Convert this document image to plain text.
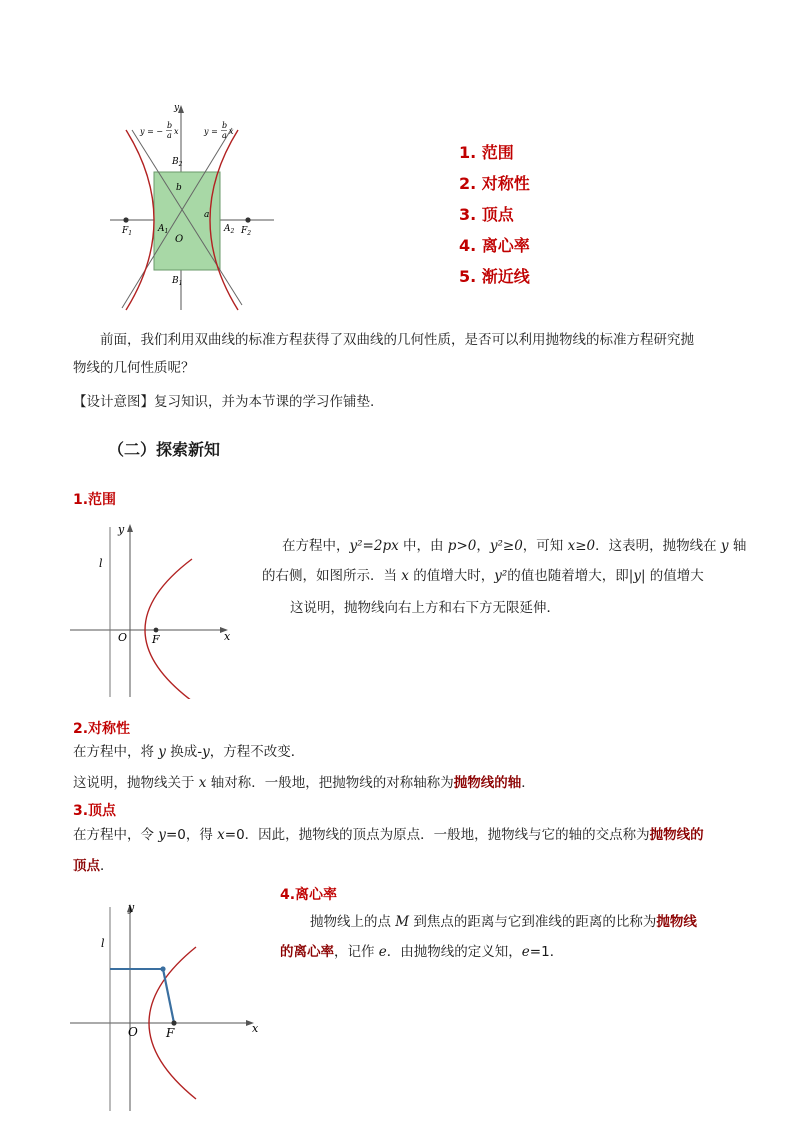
y
y = −
b
a x	y =
b
a x
$B_2$
b
a
$F_1$	$A_1$
O
$A_2$ $F_2$
$B_1$
1. 范围
2. 对称性
3. 顶点
4. 离心率
5. 渐近线
前面，我们利用双曲线的标准方程获得了双曲线的几何性质，是否可以利用抛物线的标准方程研究抛
物线的几何性质呢？
【设计意图】复习知识，并为本节课的学习作铺垫.
（二）探索新知
1.范围
y
l
O F	x
在方程中，y²=2px 中，由 p>0，y²≥0，可知 x≥0．这表明，抛物线在 y 轴
的右侧，如图所示．当 x 的值增大时，y²的值也随着增大，即|y| 的值增大
这说明，抛物线向右上方和右下方无限延伸．
2.对称性
在方程中，将 y 换成-y，方程不改变．
这说明，抛物线关于 x 轴对称．一般地，把抛物线的对称轴称为抛物线的轴．
3.顶点
在方程中，令 y=0，得 x=0．因此，抛物线的顶点为原点．一般地，抛物线与它的轴的交点称为抛物线的
顶点．
y
l
O F	x
4.离心率
抛物线上的点 M 到焦点的距离与它到准线的距离的比称为抛物线
的离心率，记作 e．由抛物线的定义知，e=1．
